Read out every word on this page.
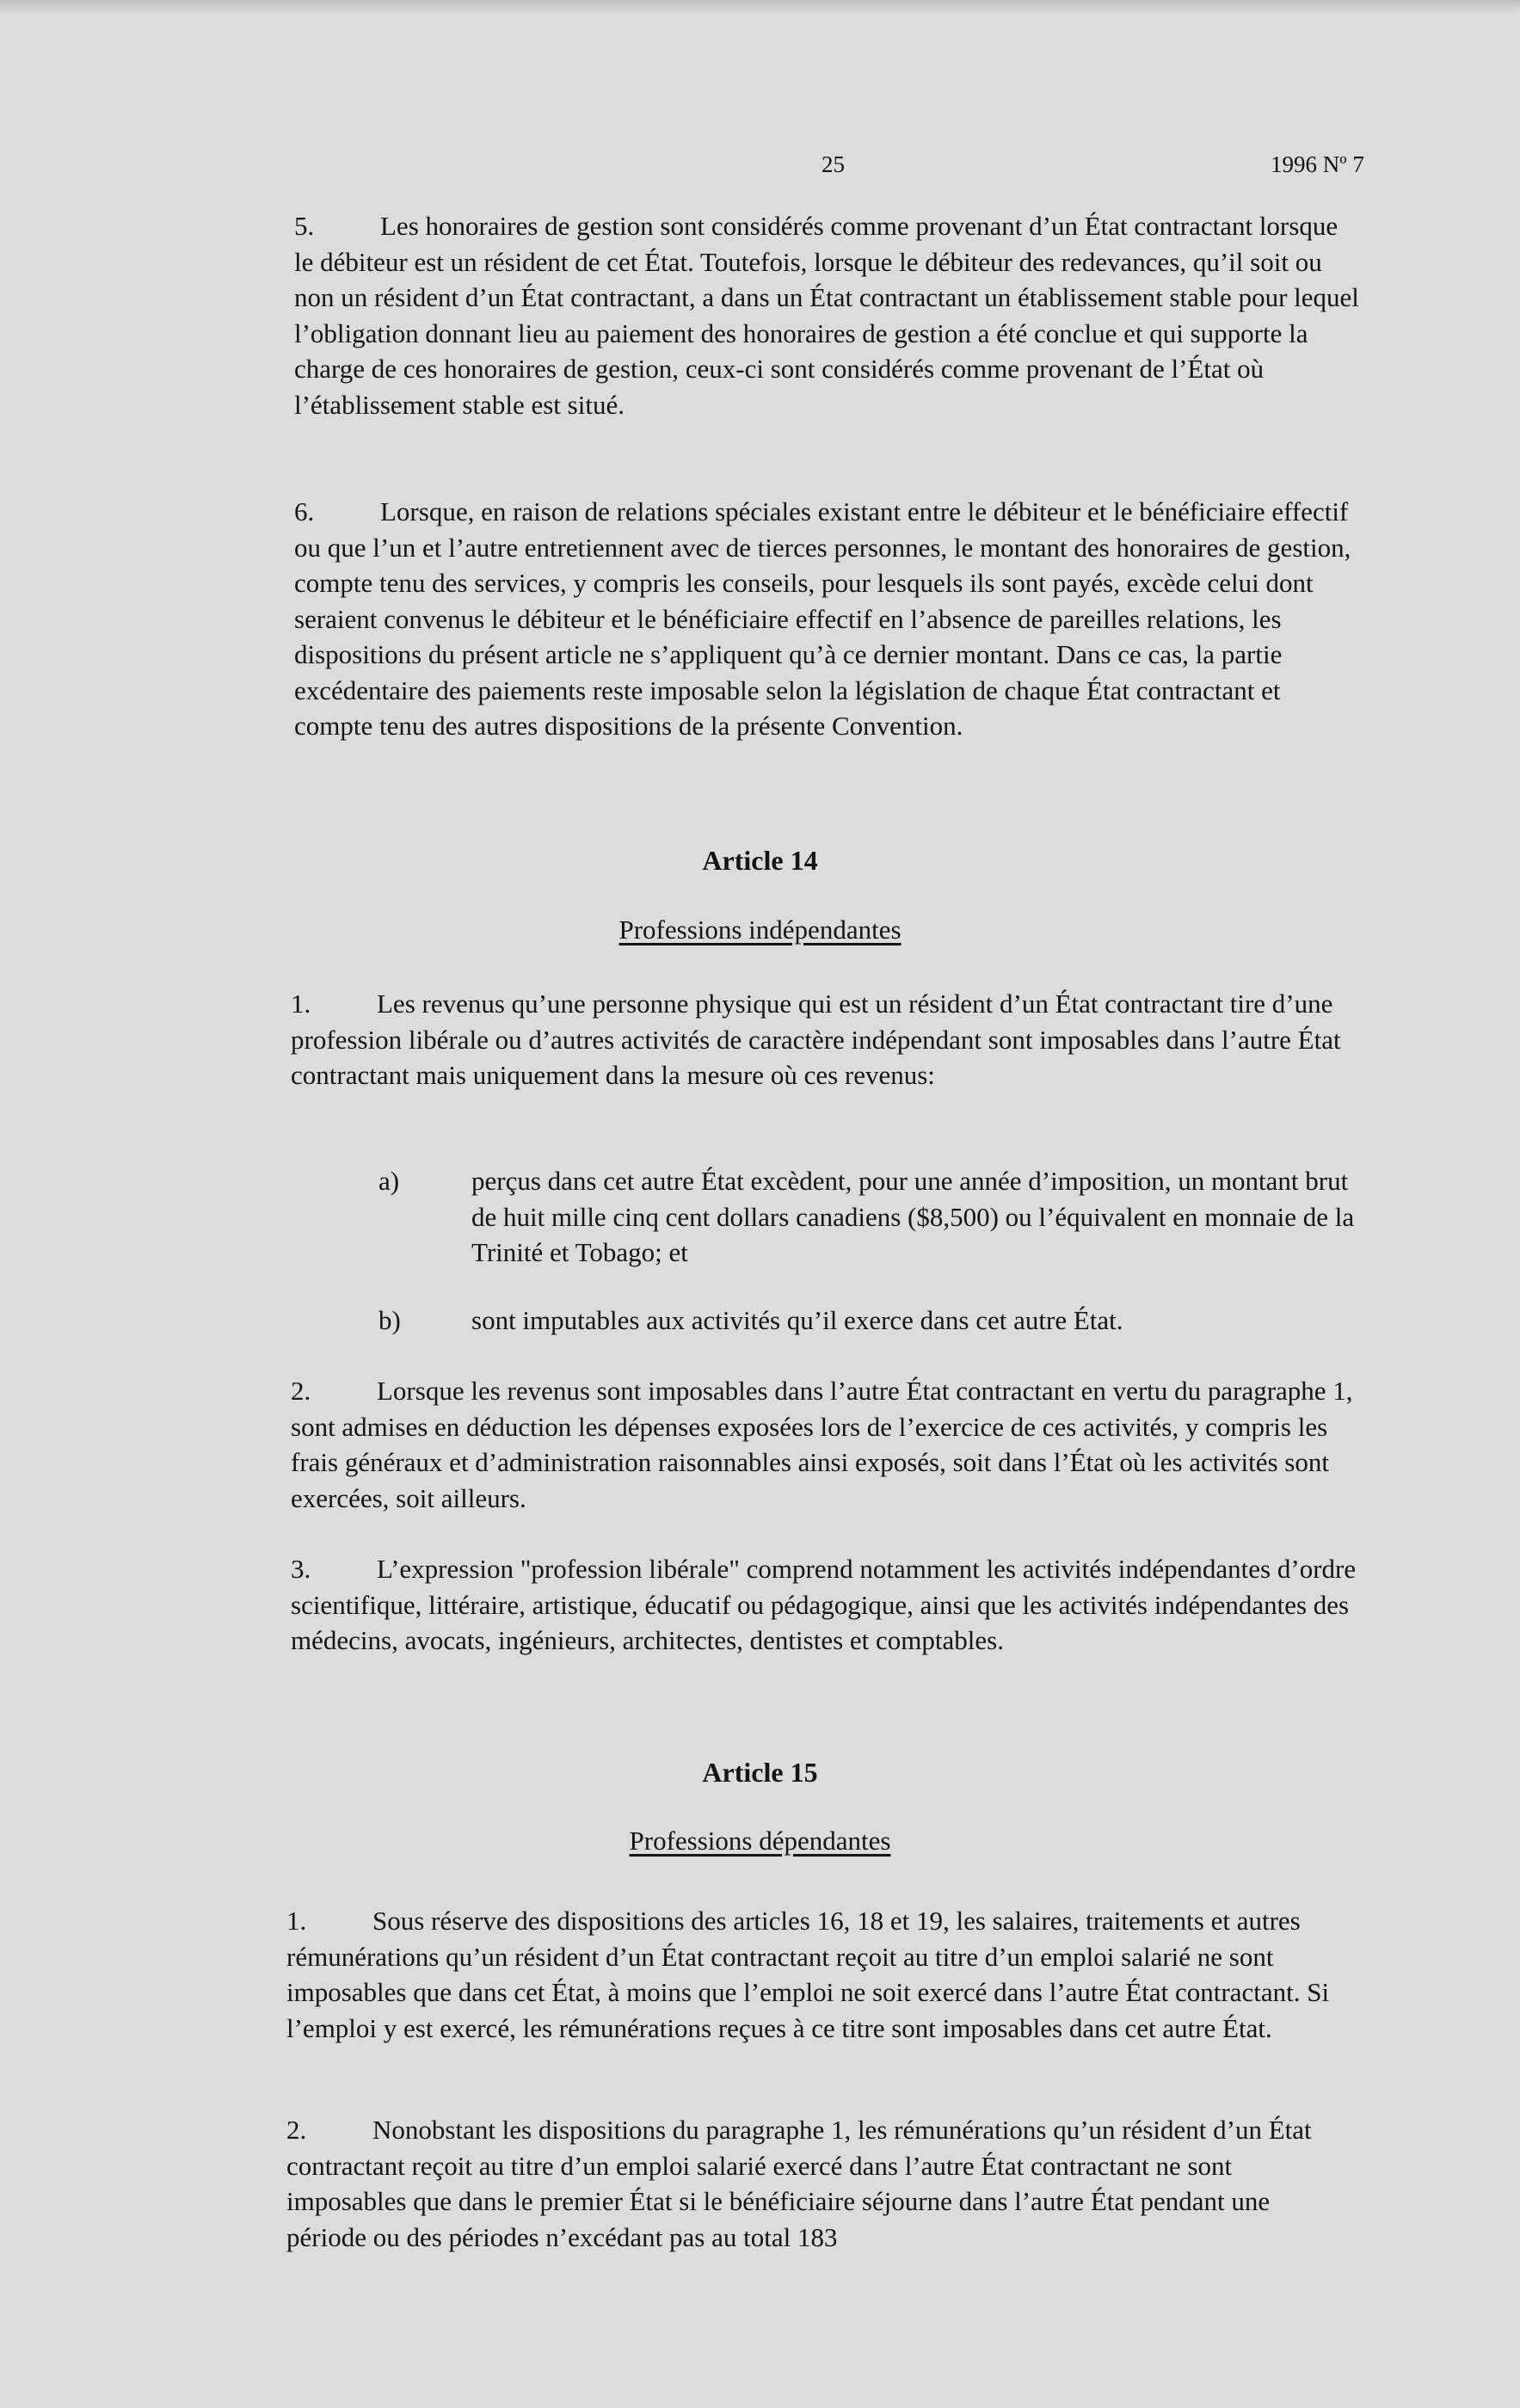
25	1996 Nº 7

5. Les honoraires de gestion sont considérés comme provenant d’un État contractant lorsque le débiteur est un résident de cet État. Toutefois, lorsque le débiteur des redevances, qu’il soit ou non un résident d’un État contractant, a dans un État contractant un établissement stable pour lequel l’obligation donnant lieu au paiement des honoraires de gestion a été conclue et qui supporte la charge de ces honoraires de gestion, ceux-ci sont considérés comme provenant de l’État où l’établissement stable est situé.

6. Lorsque, en raison de relations spéciales existant entre le débiteur et le bénéficiaire effectif ou que l’un et l’autre entretiennent avec de tierces personnes, le montant des honoraires de gestion, compte tenu des services, y compris les conseils, pour lesquels ils sont payés, excède celui dont seraient convenus le débiteur et le bénéficiaire effectif en l’absence de pareilles relations, les dispositions du présent article ne s’appliquent qu’à ce dernier montant. Dans ce cas, la partie excédentaire des paiements reste imposable selon la législation de chaque État contractant et compte tenu des autres dispositions de la présente Convention.

Article 14
Professions indépendantes

1. Les revenus qu’une personne physique qui est un résident d’un État contractant tire d’une profession libérale ou d’autres activités de caractère indépendant sont imposables dans l’autre État contractant mais uniquement dans la mesure où ces revenus:

a)	perçus dans cet autre État excèdent, pour une année d’imposition, un montant brut de huit mille cinq cent dollars canadiens ($8,500) ou l’équivalent en monnaie de la Trinité et Tobago; et
b)	sont imputables aux activités qu’il exerce dans cet autre État.

2. Lorsque les revenus sont imposables dans l’autre État contractant en vertu du paragraphe 1, sont admises en déduction les dépenses exposées lors de l’exercice de ces activités, y compris les frais généraux et d’administration raisonnables ainsi exposés, soit dans l’État où les activités sont exercées, soit ailleurs.

3. L’expression "profession libérale" comprend notamment les activités indépendantes d’ordre scientifique, littéraire, artistique, éducatif ou pédagogique, ainsi que les activités indépendantes des médecins, avocats, ingénieurs, architectes, dentistes et comptables.

Article 15
Professions dépendantes

1. Sous réserve des dispositions des articles 16, 18 et 19, les salaires, traitements et autres rémunérations qu’un résident d’un État contractant reçoit au titre d’un emploi salarié ne sont imposables que dans cet État, à moins que l’emploi ne soit exercé dans l’autre État contractant. Si l’emploi y est exercé, les rémunérations reçues à ce titre sont imposables dans cet autre État.

2. Nonobstant les dispositions du paragraphe 1, les rémunérations qu’un résident d’un État contractant reçoit au titre d’un emploi salarié exercé dans l’autre État contractant ne sont imposables que dans le premier État si le bénéficiaire séjourne dans l’autre État pendant une période ou des périodes n’excédant pas au total 183
